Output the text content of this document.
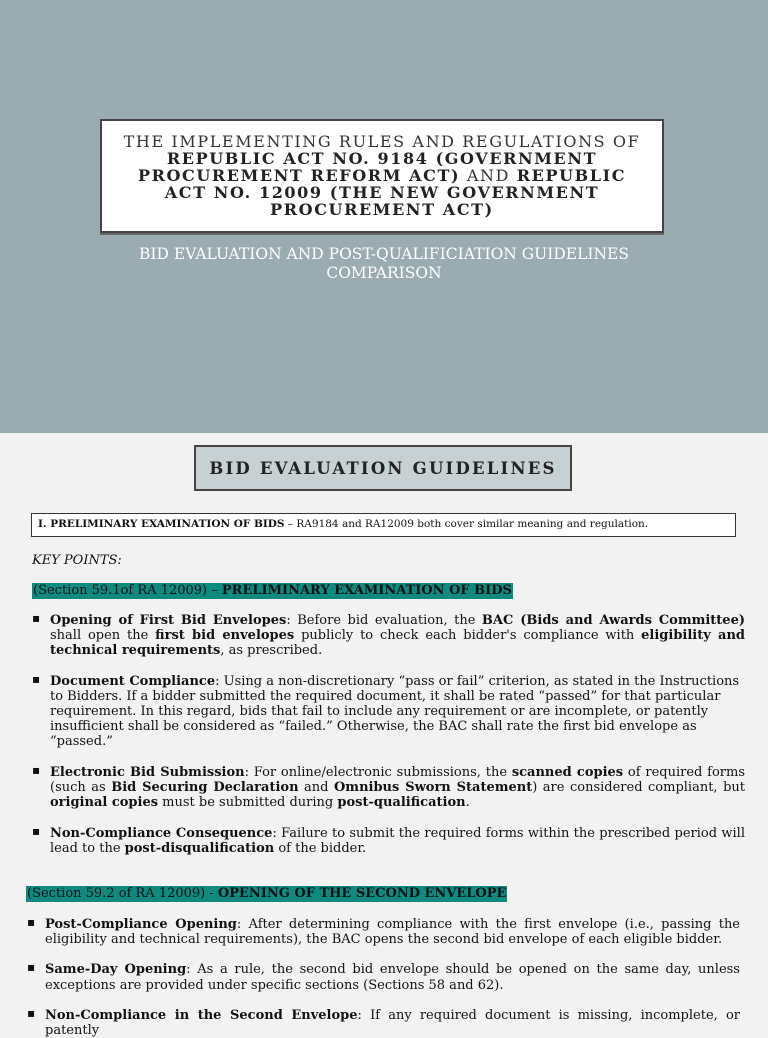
THE IMPLEMENTING RULES AND REGULATIONS OF
REPUBLIC ACT NO. 9184 (GOVERNMENT PROCUREMENT REFORM ACT) AND REPUBLIC ACT NO. 12009 (THE NEW GOVERNMENT PROCUREMENT ACT)
BID EVALUATION AND POST-QUALIFICIATION GUIDELINES COMPARISON
BID EVALUATION GUIDELINES
I. PRELIMINARY EXAMINATION OF BIDS – RA9184 and RA12009 both cover similar meaning and regulation.
KEY POINTS:
(Section 59.1of RA 12009) – PRELIMINARY EXAMINATION OF BIDS
▪ Opening of First Bid Envelopes: Before bid evaluation, the BAC (Bids and Awards Committee) shall open the first bid envelopes publicly to check each bidder's compliance with eligibility and technical requirements, as prescribed.
▪ Document Compliance: Using a non-discretionary “pass or fail” criterion, as stated in the Instructions to Bidders. If a bidder submitted the required document, it shall be rated “passed” for that particular requirement. In this regard, bids that fail to include any requirement or are incomplete, or patently insufficient shall be considered as “failed.” Otherwise, the BAC shall rate the first bid envelope as “passed.”
▪ Electronic Bid Submission: For online/electronic submissions, the scanned copies of required forms (such as Bid Securing Declaration and Omnibus Sworn Statement) are considered compliant, but original copies must be submitted during post-qualification.
▪ Non-Compliance Consequence: Failure to submit the required forms within the prescribed period will lead to the post-disqualification of the bidder.
(Section 59.2 of RA 12009) - OPENING OF THE SECOND ENVELOPE
▪ Post-Compliance Opening: After determining compliance with the first envelope (i.e., passing the eligibility and technical requirements), the BAC opens the second bid envelope of each eligible bidder.
▪ Same-Day Opening: As a rule, the second bid envelope should be opened on the same day, unless exceptions are provided under specific sections (Sections 58 and 62).
▪ Non-Compliance in the Second Envelope: If any required document is missing, incomplete, or patently
